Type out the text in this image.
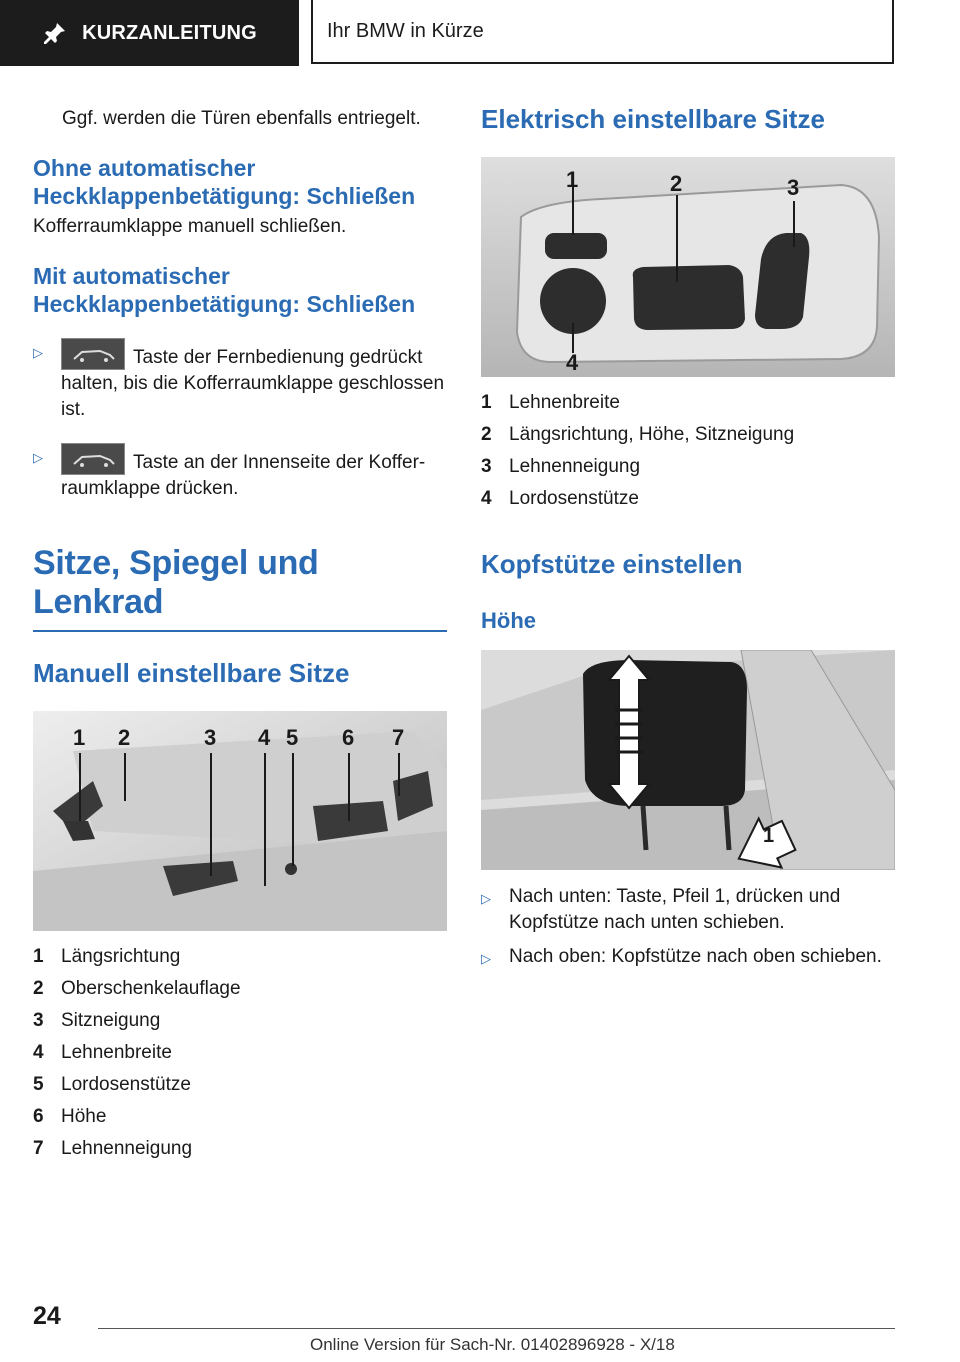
KURZANLEITUNG	Ihr BMW in Kürze

Ggf. werden die Türen ebenfalls entriegelt.

Ohne automatischer Heckklappenbetätigung: Schließen

Kofferraumklappe manuell schließen.

Mit automatischer Heckklappenbetätigung: Schließen
▷	Taste der Fernbedienung gedrückt halten, bis die Kofferraumklappe geschlossen ist.
▷	Taste an der Innenseite der Koffer- raumklappe drücken.
Sitze, Spiegel und Lenkrad
Manuell einstellbare Sitze
1 2	3 4 5 6 7
1 Längsrichtung
2 Oberschenkelauflage
3 Sitzneigung
4 Lehnenbreite
5 Lordosenstütze
6 Höhe
7 Lehnenneigung
Elektrisch einstellbare Sitze
1	2	3
4
1 Lehnenbreite
2 Längsrichtung, Höhe, Sitzneigung
3 Lehnenneigung
4 Lordosenstütze
Kopfstütze einstellen
Höhe
1
▷ Nach unten: Taste, Pfeil 1, drücken und Kopfstütze nach unten schieben.
▷ Nach oben: Kopfstütze nach oben schieben.
24
Online Version für Sach-Nr. 01402896928 - X/18
